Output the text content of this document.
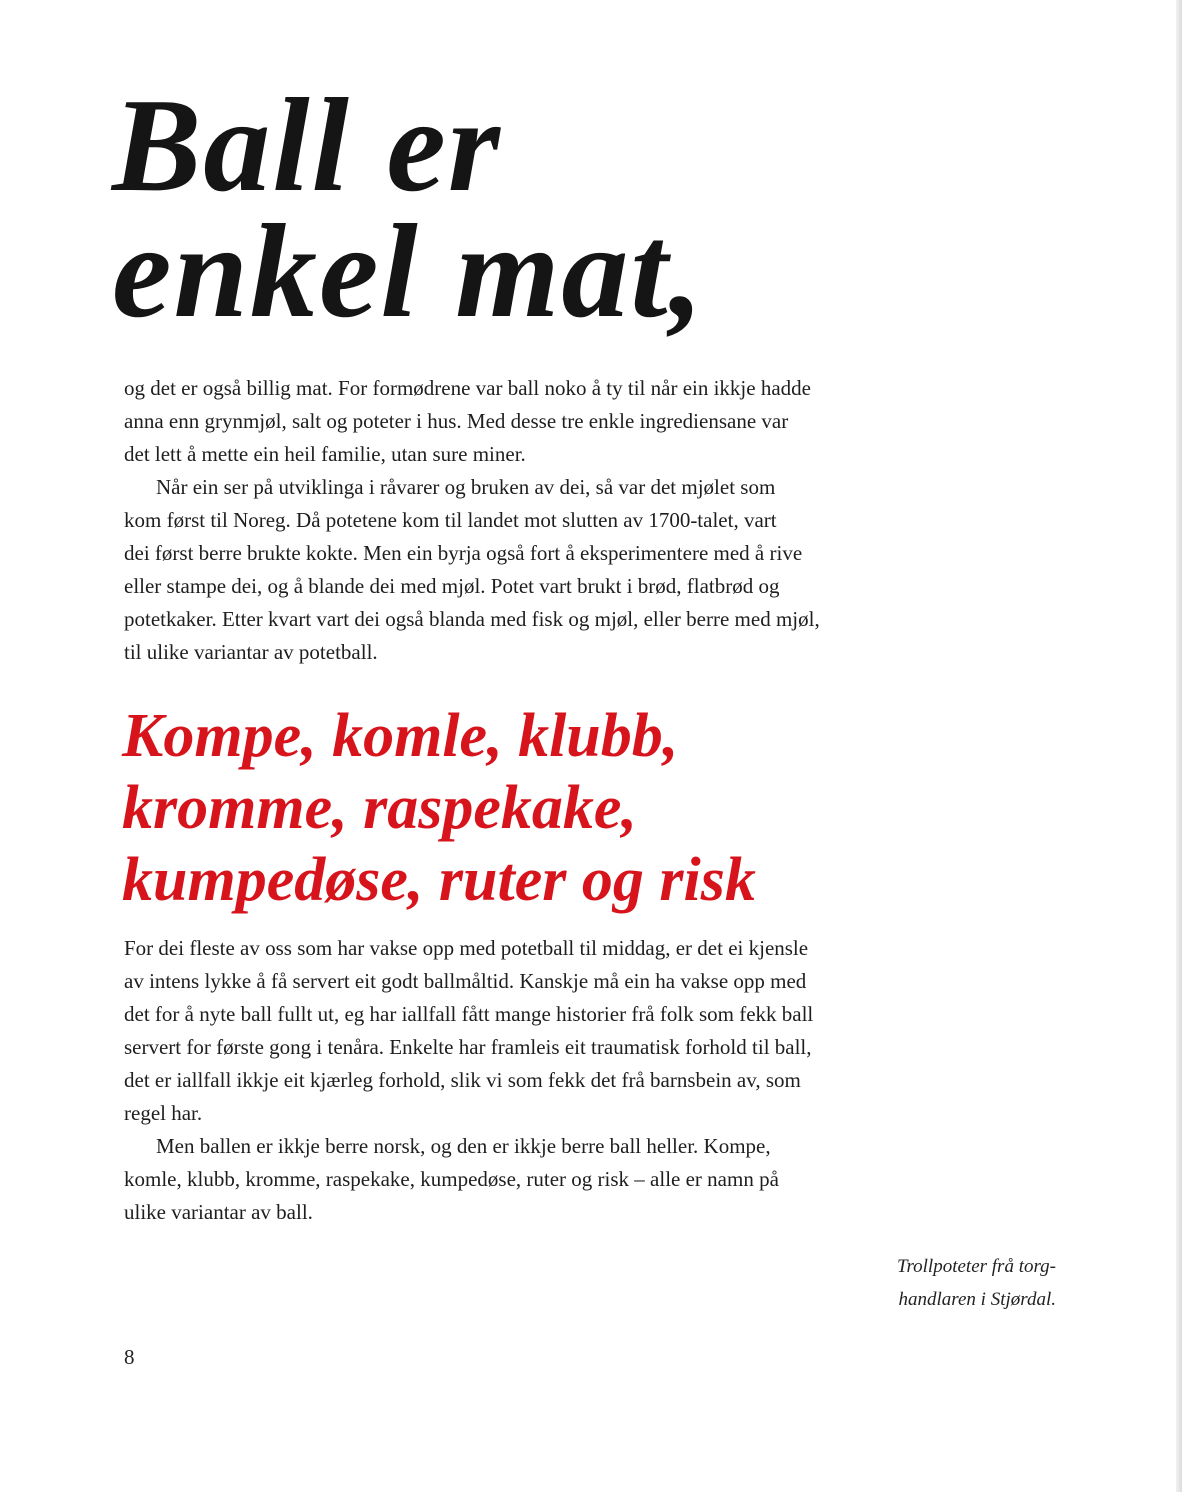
Ball er
enkel mat,

og det er også billig mat. For formødrene var ball noko å ty til når ein ikkje hadde

anna enn grynmjøl, salt og poteter i hus. Med desse tre enkle ingrediensane var

det lett å mette ein heil familie, utan sure miner.

Når ein ser på utviklinga i råvarer og bruken av dei, så var det mjølet som

kom først til Noreg. Då potetene kom til landet mot slutten av 1700-talet, vart

dei først berre brukte kokte. Men ein byrja også fort å eksperimentere med å rive

eller stampe dei, og å blande dei med mjøl. Potet vart brukt i brød, flatbrød og

potetkaker. Etter kvart vart dei også blanda med fisk og mjøl, eller berre med mjøl,

til ulike variantar av potetball.

Kompe, komle, klubb,
kromme, raspekake,
kumpedøse, ruter og risk

For dei fleste av oss som har vakse opp med potetball til middag, er det ei kjensle

av intens lykke å få servert eit godt ballmåltid. Kanskje må ein ha vakse opp med

det for å nyte ball fullt ut, eg har iallfall fått mange historier frå folk som fekk ball

servert for første gong i tenåra. Enkelte har framleis eit traumatisk forhold til ball,

det er iallfall ikkje eit kjærleg forhold, slik vi som fekk det frå barnsbein av, som

regel har.

Men ballen er ikkje berre norsk, og den er ikkje berre ball heller. Kompe,

komle, klubb, kromme, raspekake, kumpedøse, ruter og risk – alle er namn på

ulike variantar av ball.

Trollpoteter frå torg-
handlaren i Stjørdal.
8
